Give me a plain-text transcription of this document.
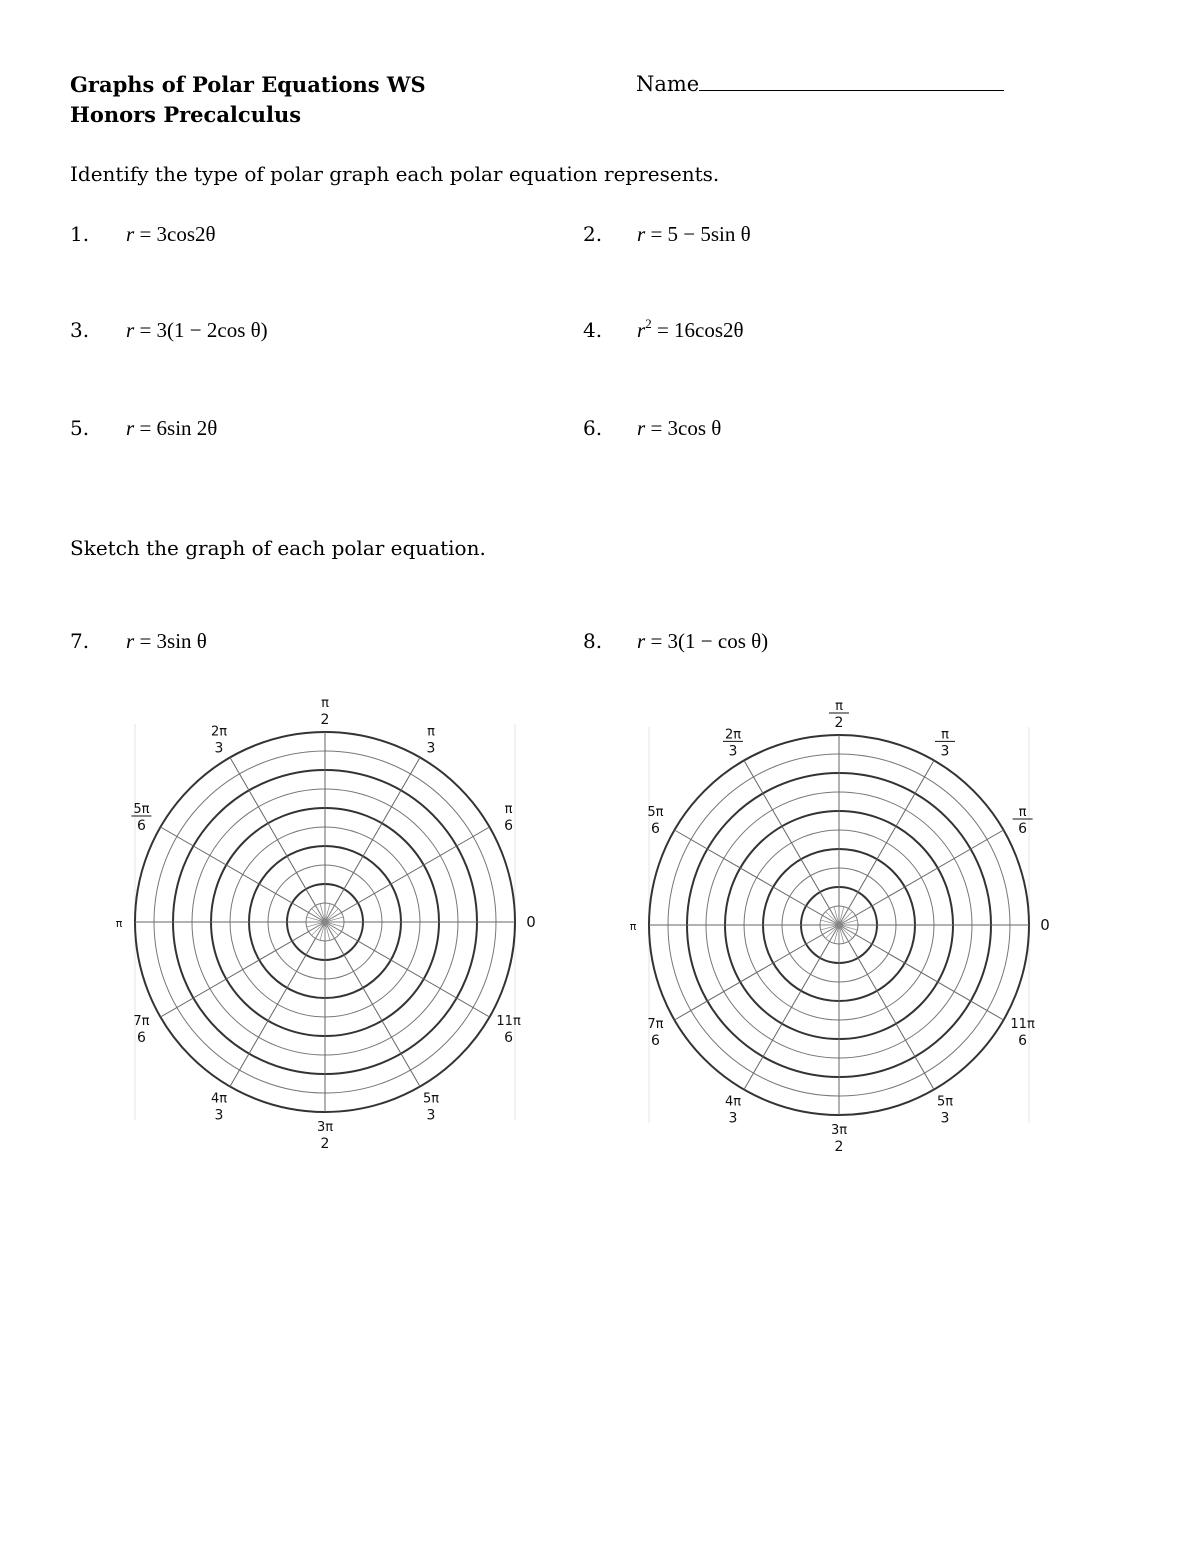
Graphs of Polar Equations WS
Honors Precalculus
Name
Identify the type of polar graph each polar equation represents.
1. r = 3cos2θ	2. r = 5 − 5sin θ
3. r = 3(1 − 2cos θ)	4. $r^2 = 16\cos 2\theta$
5. r = 6sin 2θ	6. r = 3cos θ
Sketch the graph of each polar equation.
7. r = 3sin θ	8. r = 3(1 − cos θ)
0
π
6
π
3
π
2
2π
3
5π
6
π
7π
6
4π
3
3π
2
5π
3
11π
6
0
π
6
π
3
π
2
2π
3
5π
6
π
7π
6
4π
3
3π
2
5π
3
11π
6
